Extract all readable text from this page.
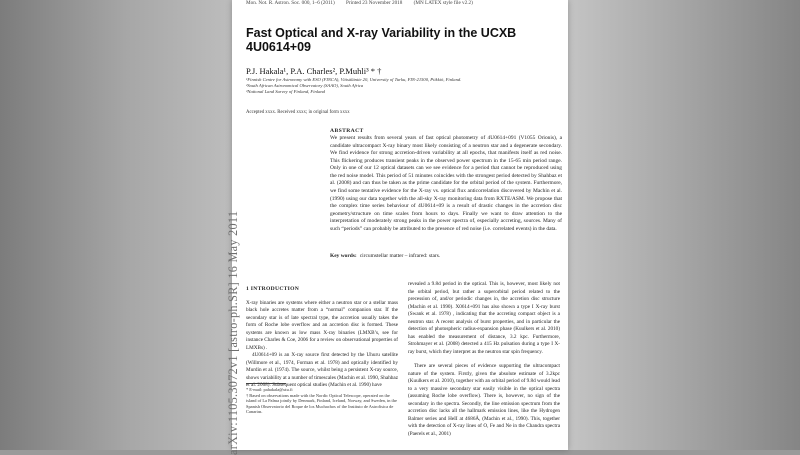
Mon. Not. R. Astron. Soc. 000, 1–6 (2011) Printed 23 November 2018 (MN LATEX style file v2.2)
Fast Optical and X-ray Variability in the UCXB
4U0614+09
P.J. Hakala¹, P.A. Charles², P.Muhli³ * †
¹Finnish Centre for Astronomy with ESO (FINCA), Väisäläntie 20, University of Turku, FIN-21500, Piikkiö, Finland.
²South African Astronomical Observatory (SAAO), South Africa
³National Land Survey of Finland, Finland
Accepted xxxx. Received xxxx; in original form xxxx
ABSTRACT
We present results from several years of fast optical photometry of 4U0614+091 (V1055 Orionis), a candidate ultracompact X-ray binary most likely consisting of a neutron star and a degenerate secondary. We find evidence for strong accretion-driven variability at all epochs, that manifests itself as red noise. This flickering produces transient peaks in the observed power spectrum in the 15-65 min period range. Only in one of our 12 optical datasets can we see evidence for a period that cannot be reproduced using the red noise model. This period of 51 minutes coincides with the strongest period detected by Shahbaz et al. (2008) and can thus be taken as the prime candidate for the orbital period of the system. Furthermore, we find some tentative evidence for the X-ray vs. optical flux anticorrelation discovered by Machin et al. (1990) using our data together with the all-sky X-ray monitoring data from RXTE/ASM. We propose that the complex time series behaviour of 4U0614+09 is a result of drastic changes in the accretion disc geometry/structure on time scales from hours to days. Finally we want to draw attention to the interpretation of moderately strong peaks in the power spectra of, especially accreting, sources. Many of such “periods” can probably be attributed to the presence of red noise (i.e. correlated events) in the data.
Key words: circumstellar matter – infrared: stars.
1 INTRODUCTION

X-ray binaries are systems where either a neutron star or a stellar mass black hole accretes matter from a “normal” companion star. If the secondary star is of late spectral type, the accretion usually takes the form of Roche lobe overflow and an accretion disc is formed. These systems are known as low mass X-ray binaries (LMXB’s, see for instance Charles & Coe, 2006 for a review on observational properties of LMXBs) .

4U0614+09 is an X-ray source first detected by the Uhuru satellite (Willmore et al., 1974, Forman et al. 1978) and optically identified by Murdin et al. (1974). The source, whilst being a persistent X-ray source, shows variability at a number of timescales (Machin et al. 1990, Shahbaz et al. 2008). Subsequent optical studies (Machin et al. 1990) have

revealed a 9.8d period in the optical. This is, however, most likely not the orbital period, but rather a superorbital period related to the precession of, and/or periodic changes in, the accretion disc structure (Machin et al. 1990). X0614+091 has also shown a type I X-ray burst (Swank et al. 1978) , indicating that the accreting compact object is a neutron star. A recent analysis of burst properties, and in particular the detection of photospheric radius-expansion phase (Kuulkers et al. 2010) has enabled the measurement of distance, 3.2 kpc. Furthermore, Strohmayer et al. (2008) detected a 415 Hz pulsation during a type I X-ray burst, which they interpret as the neutron star spin frequency.

There are several pieces of evidence supporting the ultracompact nature of the system. Firstly, given the absolute estimate of 3.2kpc (Kuulkers et al. 2010), together with an orbital period of 9.8d would lead to a very massive secondary star easily visible in the optical spectra (assuming Roche lobe overflow). There is, however, no sign of the secondary in the spectra. Secondly, the line emission spectrum from the accretion disc lacks all the hallmark emission lines, like the Hydrogen Balmer series and HeII at 4686Å, (Machin et al., 1990). This, together with the detection of X-ray lines of O, Fe and Ne in the Chandra spectra (Paerels et al., 2001)

* E-mail: pahakala@utu.fi

† Based on observations made with the Nordic Optical Telescope, operated on the island of La Palma jointly by Denmark, Finland, Iceland, Norway, and Sweden, in the Spanish Observatorio del Roque de los Muchachos of the Instituto de Astrofisica de Canarias.

arXiv:1105.3072v1 [astro-ph.SR] 16 May 2011
